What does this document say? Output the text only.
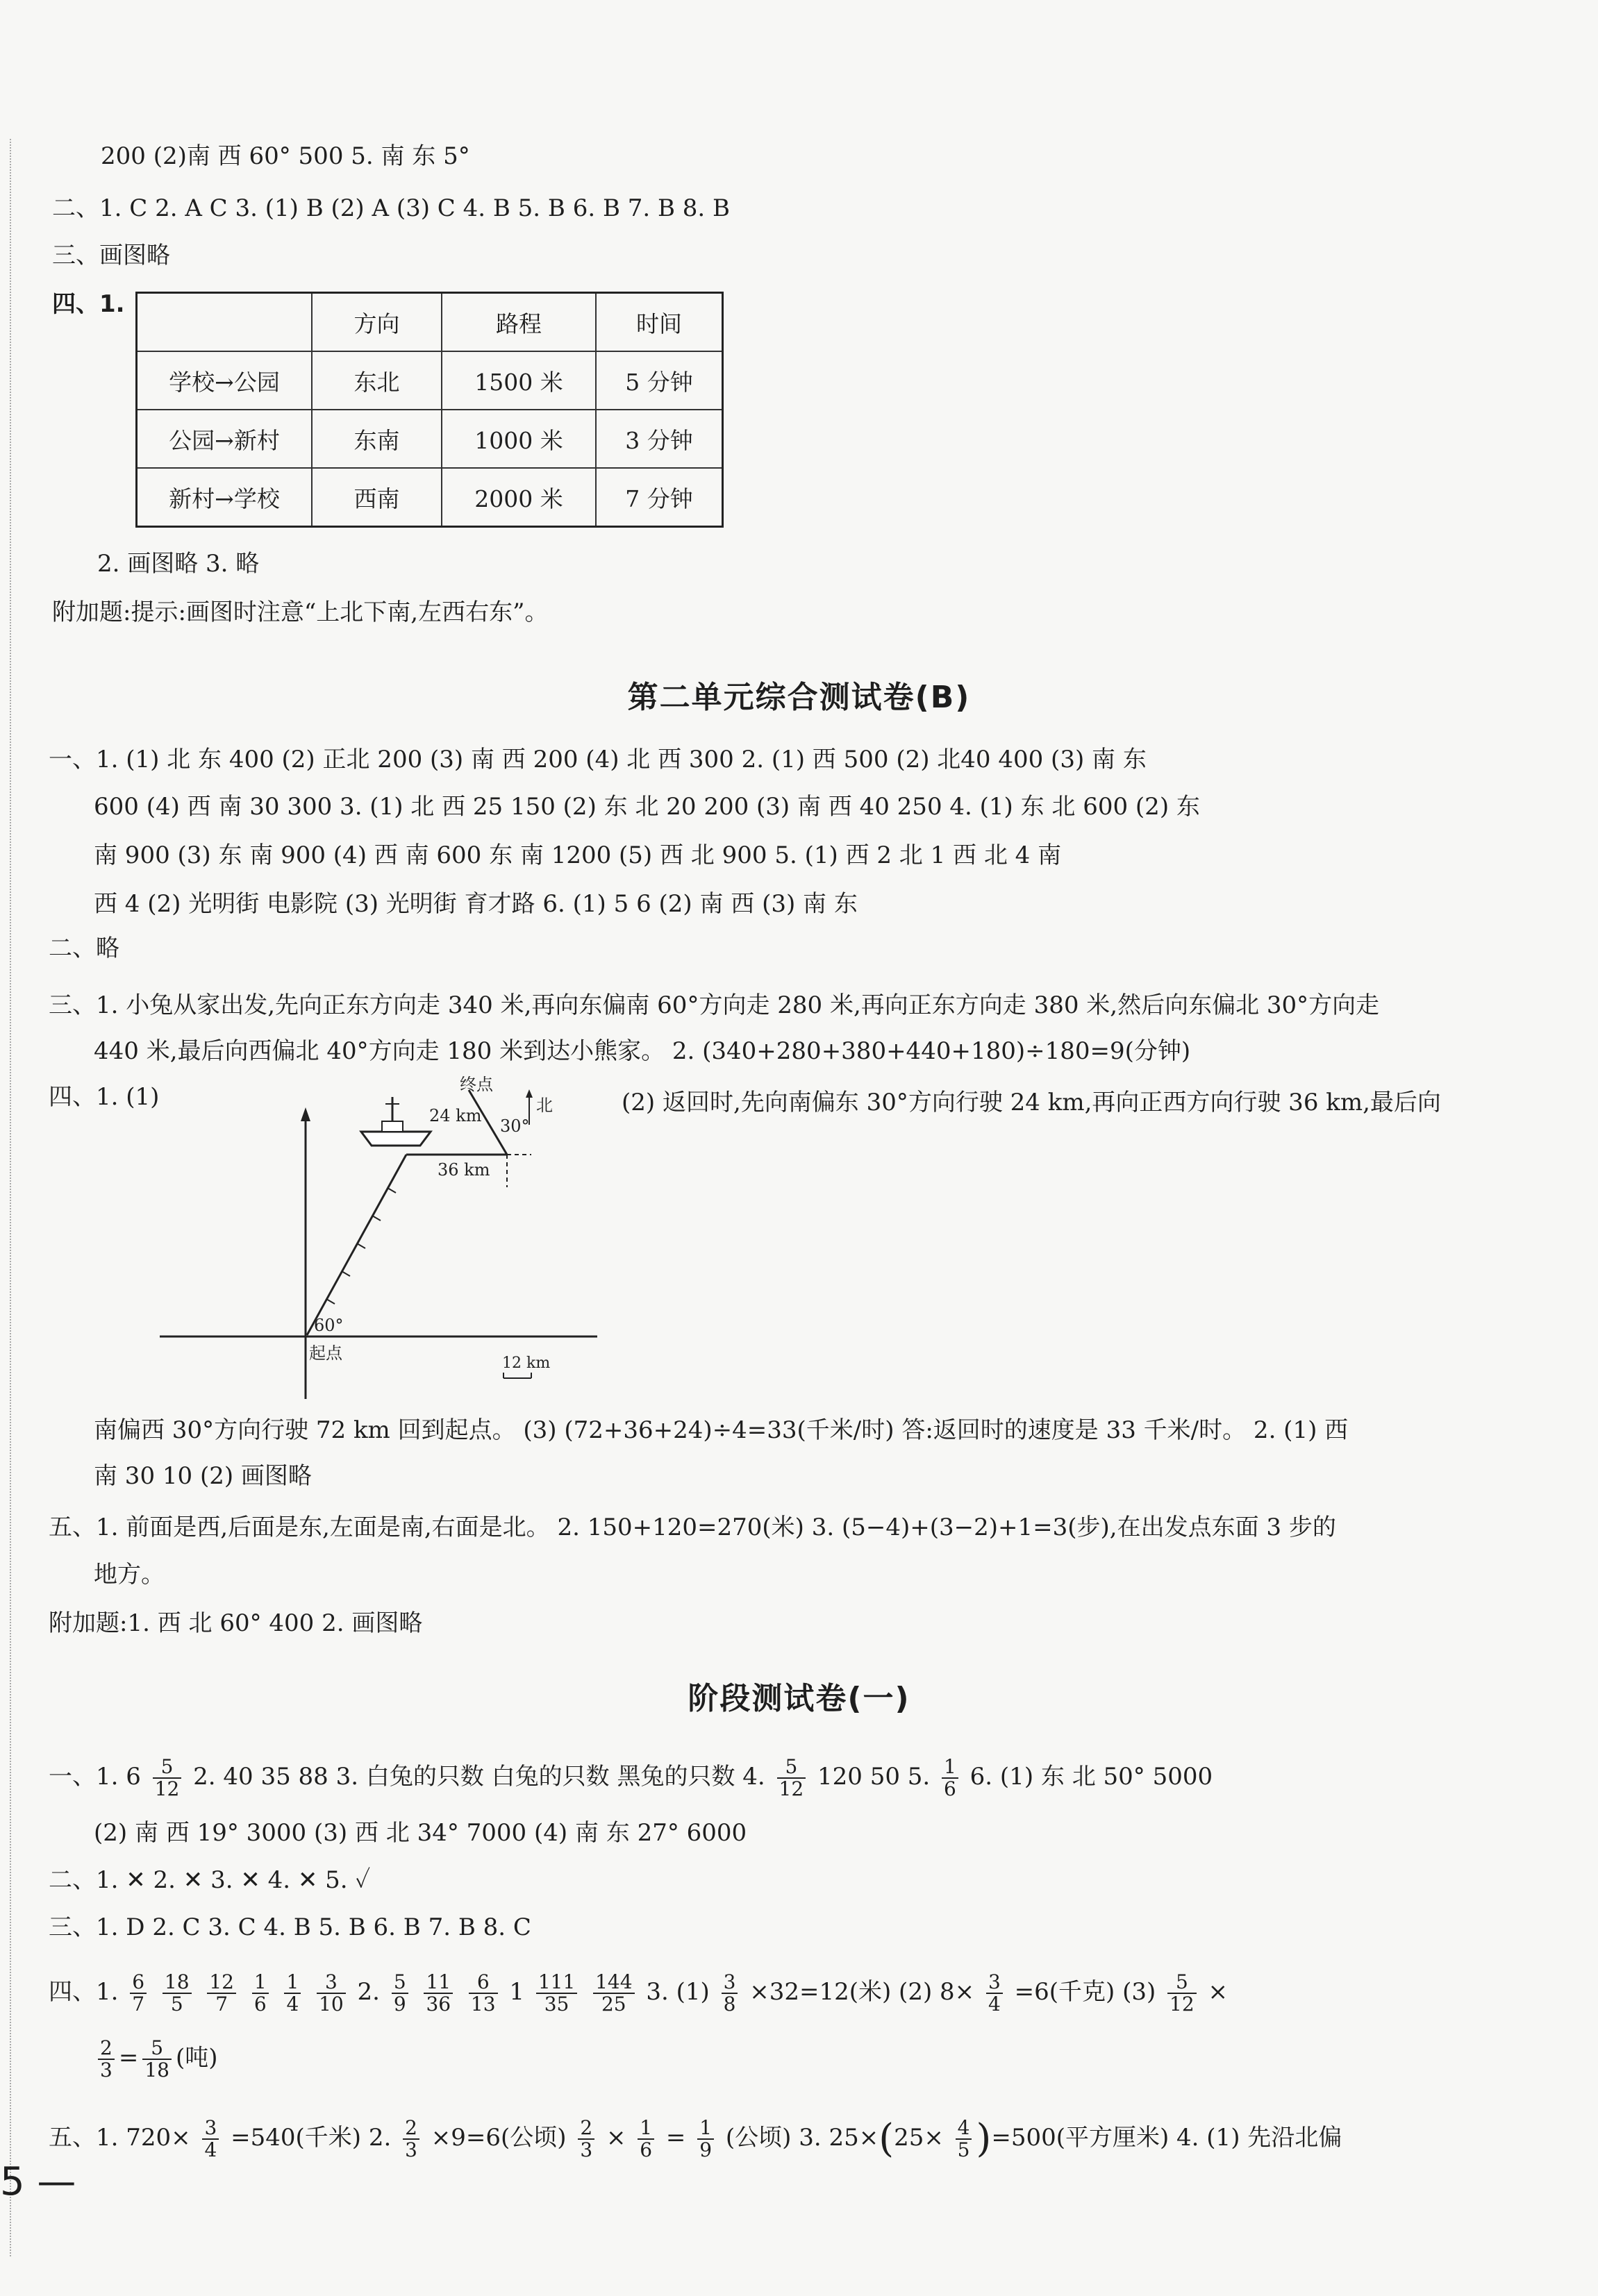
200 (2)南 西 60° 500 5. 南 东 5°
二、1. C 2. A C 3. (1) B (2) A (3) C 4. B 5. B 6. B 7. B 8. B
三、画图略
四、1.
	方向	路程	时间
学校→公园	东北	1500 米	5 分钟
公园→新村	东南	1000 米	3 分钟
新村→学校	西南	2000 米	7 分钟
2. 画图略 3. 略
附加题:提示:画图时注意“上北下南,左西右东”。
第二单元综合测试卷(B)
一、1. (1) 北 东 400 (2) 正北 200 (3) 南 西 200 (4) 北 西 300 2. (1) 西 500 (2) 北40 400 (3) 南 东
600 (4) 西 南 30 300 3. (1) 北 西 25 150 (2) 东 北 20 200 (3) 南 西 40 250 4. (1) 东 北 600 (2) 东
南 900 (3) 东 南 900 (4) 西 南 600 东 南 1200 (5) 西 北 900 5. (1) 西 2 北 1 西 北 4 南
西 4 (2) 光明街 电影院 (3) 光明街 育才路 6. (1) 5 6 (2) 南 西 (3) 南 东
二、略
三、1. 小兔从家出发,先向正东方向走 340 米,再向东偏南 60°方向走 280 米,再向正东方向走 380 米,然后向东偏北 30°方向走
440 米,最后向西偏北 40°方向走 180 米到达小熊家。 2. (340+280+380+440+180)÷180=9(分钟)
四、1. (1)	(2) 返回时,先向南偏东 30°方向行驶 24 km,再向正西方向行驶 36 km,最后向
北
终点
24 km
30°
36 km
60°
起点
12 km
南偏西 30°方向行驶 72 km 回到起点。 (3) (72+36+24)÷4=33(千米/时) 答:返回时的速度是 33 千米/时。 2. (1) 西
南 30 10 (2) 画图略
五、1. 前面是西,后面是东,左面是南,右面是北。 2. 150+120=270(米) 3. (5−4)+(3−2)+1=3(步),在出发点东面 3 步的
地方。
附加题:1. 西 北 60° 400 2. 画图略
阶段测试卷(一)
一、1. $6 \frac{5}{12} 2$. 40 35 88 3. 白兔的只数 白兔的只数 黑兔的只数 4. $\frac{5}{12} 120$ 50 5. $\frac{1}{6} 6$. (1) 东 北 50° 5000
(2) 南 西 19° 3000 (3) 西 北 34° 7000 (4) 南 东 27° 6000
二、1. ✕ 2. ✕ 3. ✕ 4. ✕ 5. ✓
三、1. D 2. C 3. C 4. B 5. B 6. B 7. B 8. C
四、1. $\frac{6}{7}$
$\frac{18}{5}$
$\frac{12}{7}$
$\frac{1}{6}$
$\frac{1}{4}$
$\frac{3}{10} 2$. $\frac{5}{9}$
$\frac{11}{36}$
$\frac{6}{13} 1 \frac{111}{35}$
$\frac{144}{25} 3$. $(1) \frac{3}{8} \times 32=12$(米) (2) $8\times \frac{3}{4} =6$(千克) $(3) \frac{5}{12}$ ×
$\frac{2}{3} = \frac{5}{18}$ (吨)
五、1. $720\times \frac{3}{4} =540$(千米) 2. $\frac{2}{3} \times 9=6$(公顷) $\frac{2}{3} \times \frac{1}{6} = \frac{1}{9}$ (公顷) 3. $25\times(25\times \frac{4}{5} )=500$(平方厘米) 4. (1) 先沿北偏
5 —
